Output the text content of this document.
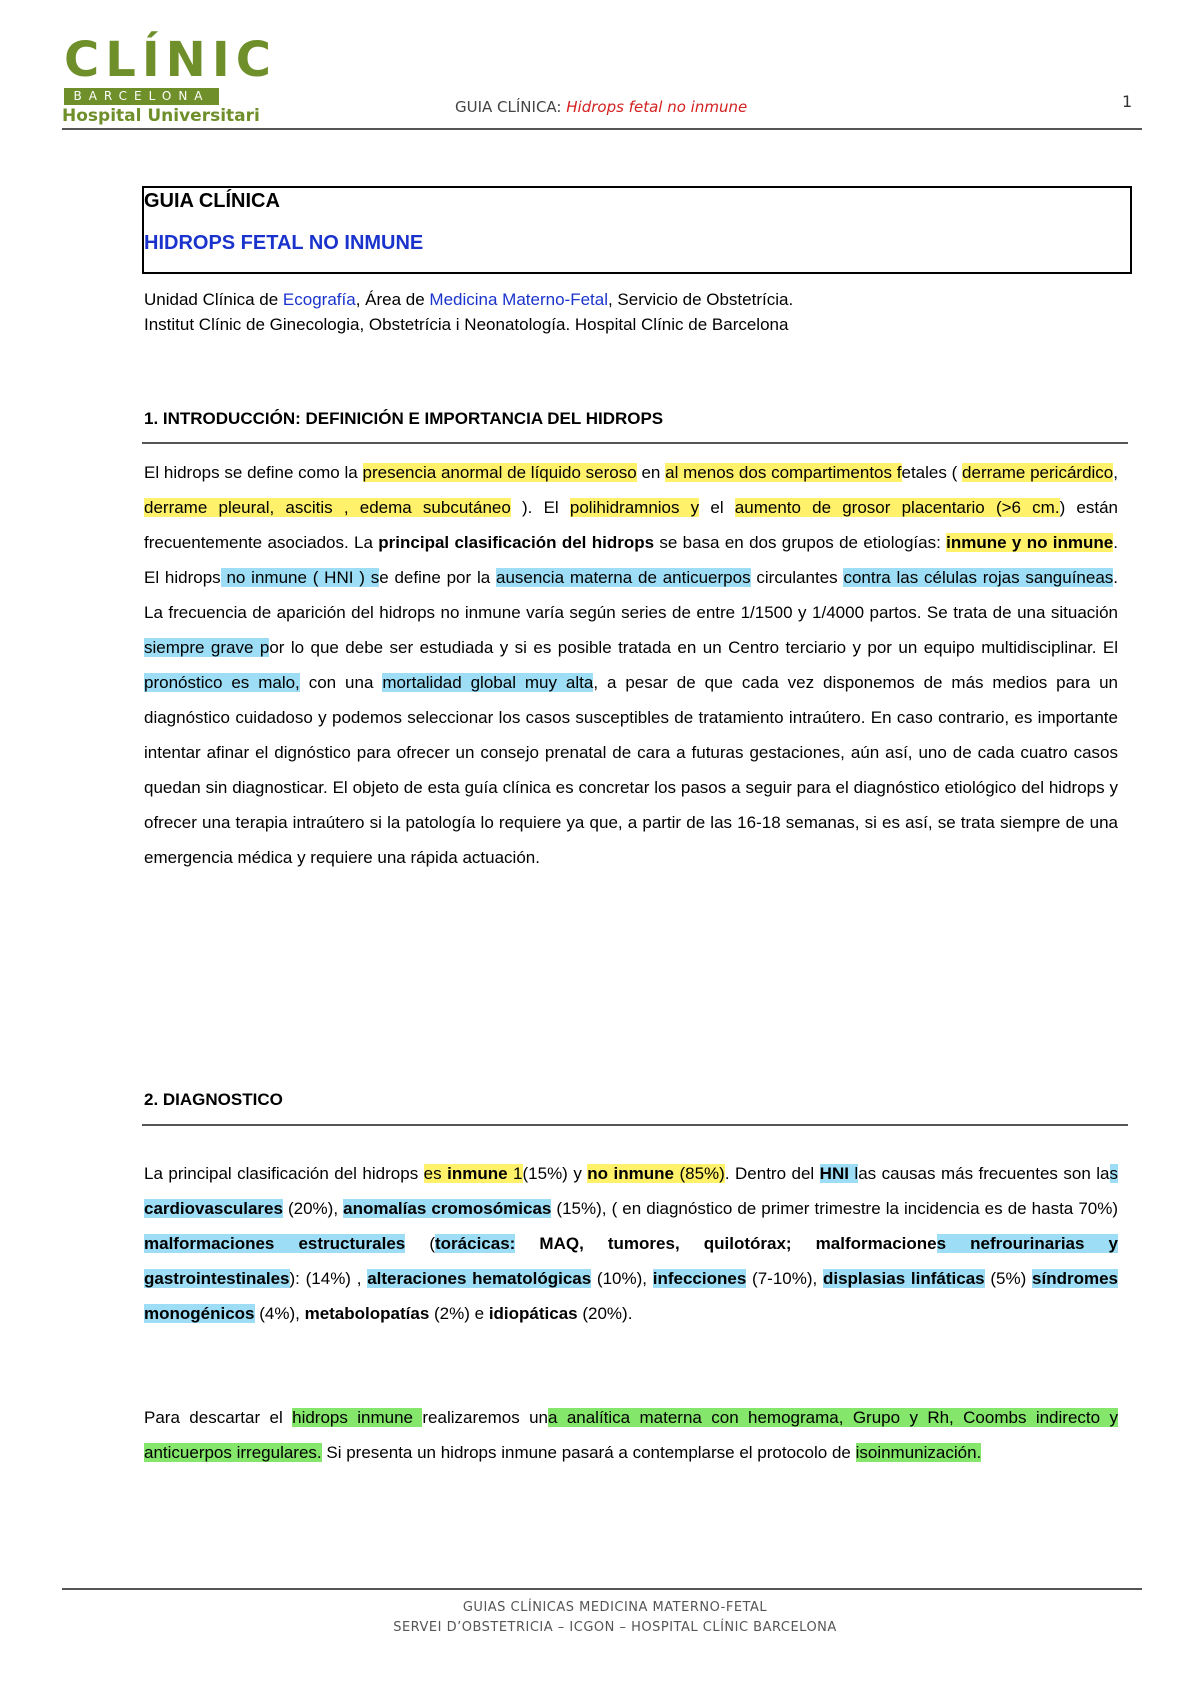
CLÍNIC
BARCELONA
Hospital Universitari	GUIA CLÍNICA: Hidrops fetal no inmune	1
GUIA CLÍNICA
HIDROPS FETAL NO INMUNE
Unidad Clínica de Ecografía, Área de Medicina Materno-Fetal, Servicio de Obstetrícia.
Institut Clínic de Ginecologia, Obstetrícia i Neonatología. Hospital Clínic de Barcelona
1. INTRODUCCIÓN: DEFINICIÓN E IMPORTANCIA DEL HIDROPS
El hidrops se define como la presencia anormal de líquido seroso en al menos dos compartimentos fetales ( derrame pericárdico, derrame pleural, ascitis , edema subcutáneo ). El polihidramnios y el aumento de grosor placentario (>6 cm.) están frecuentemente asociados. La principal clasificación del hidrops se basa en dos grupos de etiologías: inmune y no inmune. El hidrops no inmune ( HNI ) se define por la ausencia materna de anticuerpos circulantes contra las células rojas sanguíneas. La frecuencia de aparición del hidrops no inmune varía según series de entre 1/1500 y 1/4000 partos. Se trata de una situación siempre grave por lo que debe ser estudiada y si es posible tratada en un Centro terciario y por un equipo multidisciplinar. El pronóstico es malo, con una mortalidad global muy alta, a pesar de que cada vez disponemos de más medios para un diagnóstico cuidadoso y podemos seleccionar los casos susceptibles de tratamiento intraútero. En caso contrario, es importante intentar afinar el dignóstico para ofrecer un consejo prenatal de cara a futuras gestaciones, aún así, uno de cada cuatro casos quedan sin diagnosticar. El objeto de esta guía clínica es concretar los pasos a seguir para el diagnóstico etiológico del hidrops y ofrecer una terapia intraútero si la patología lo requiere ya que, a partir de las 16-18 semanas, si es así, se trata siempre de una emergencia médica y requiere una rápida actuación.
2. DIAGNOSTICO
La principal clasificación del hidrops es inmune 1(15%) y no inmune (85%). Dentro del HNI las causas más frecuentes son las cardiovasculares (20%), anomalías cromosómicas (15%), ( en diagnóstico de primer trimestre la incidencia es de hasta 70%) malformaciones estructurales (torácicas: MAQ, tumores, quilotórax; malformaciones nefrourinarias y gastrointestinales): (14%) , alteraciones hematológicas (10%), infecciones (7-10%), displasias linfáticas (5%) síndromes monogénicos (4%), metabolopatías (2%) e idiopáticas (20%).
Para descartar el hidrops inmune realizaremos una analítica materna con hemograma, Grupo y Rh, Coombs indirecto y anticuerpos irregulares. Si presenta un hidrops inmune pasará a contemplarse el protocolo de isoinmunización.
GUIAS CLÍNICAS MEDICINA MATERNO-FETAL
SERVEI D’OBSTETRICIA – ICGON – HOSPITAL CLÍNIC BARCELONA
